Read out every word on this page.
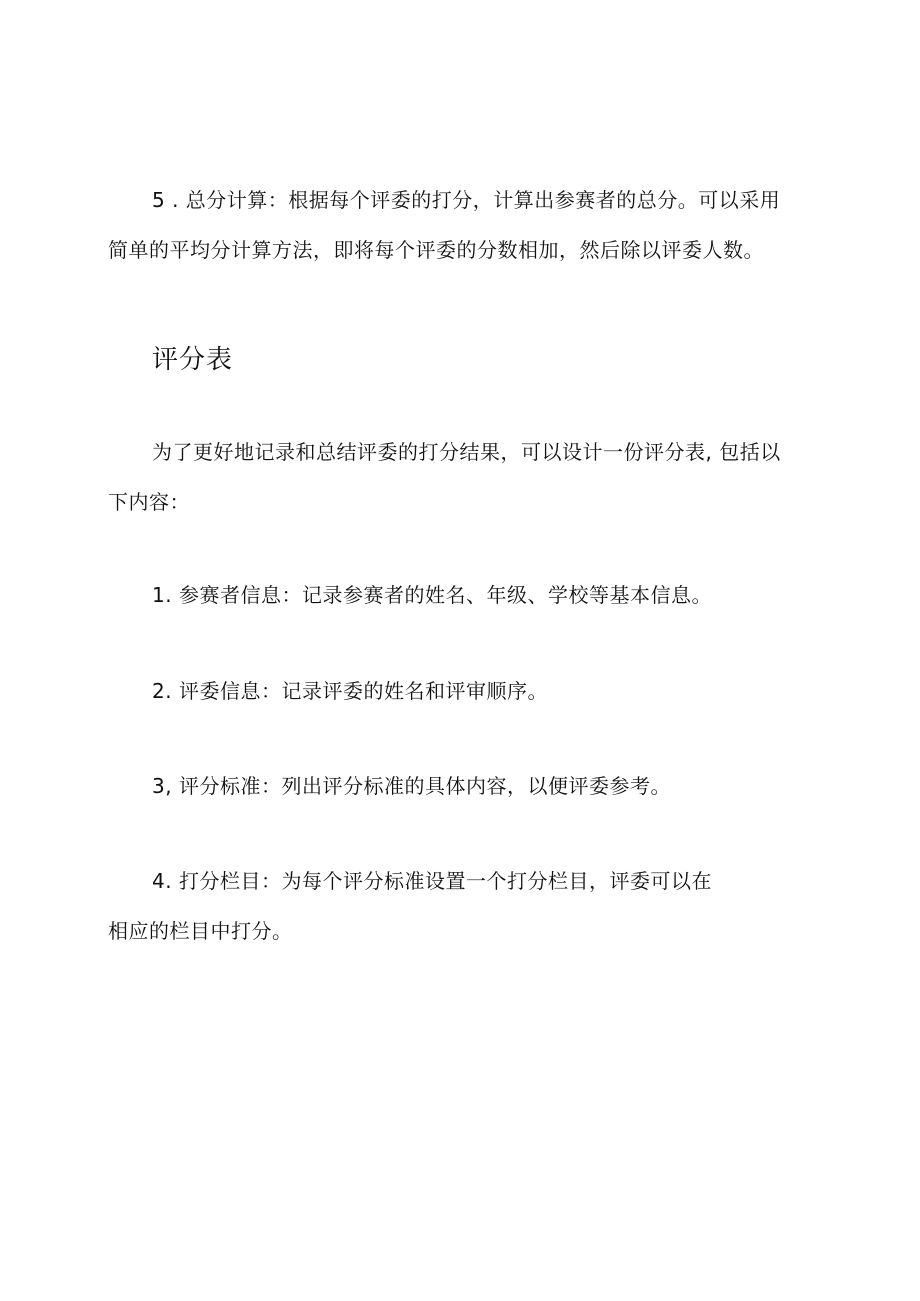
5 . 总分计算：根据每个评委的打分，计算出参赛者的总分。可以采用
简单的平均分计算方法，即将每个评委的分数相加，然后除以评委人数。
评分表
为了更好地记录和总结评委的打分结果，可以设计一份评分表, 包括以
下内容：
1. 参赛者信息：记录参赛者的姓名、年级、学校等基本信息。
2. 评委信息：记录评委的姓名和评审顺序。
3, 评分标准：列出评分标准的具体内容，以便评委参考。
4. 打分栏目：为每个评分标准设置一个打分栏目，评委可以在
相应的栏目中打分。
